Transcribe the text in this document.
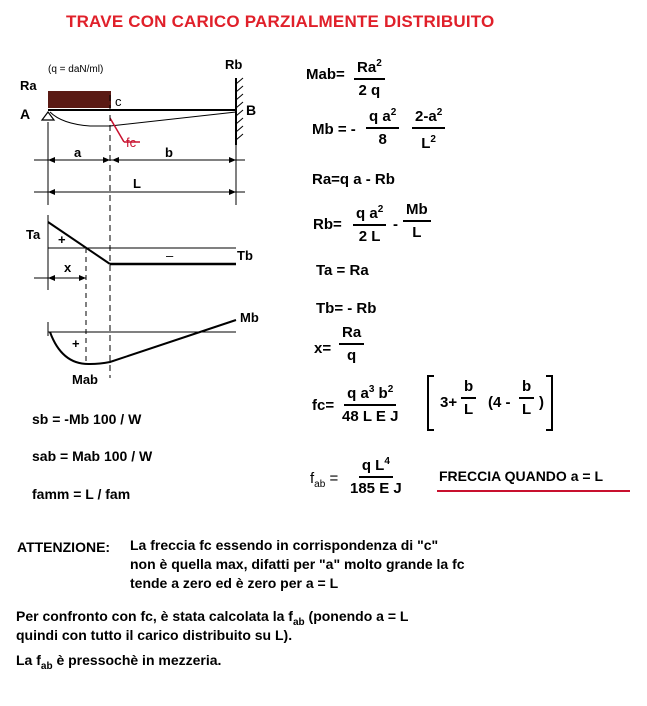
TRAVE CON CARICO PARZIALMENTE DISTRIBUITO
(q = daN/ml)
Ra
Rb
A	B
c
fc
a	b
L
Ta +
–	Tb
x
Mb
+
Mab
$Mab= \frac{Ra^2}{2 q}$
Mb = - $\frac{q a^2}{8} \frac{2-a^2}{L^2}$
Ra=q a - Rb
$Rb= \frac{q a^2}{2 L} - \frac{Mb}{L}$
Ta = Ra
Tb= - Rb
$x= \frac{Ra}{q}$
$fc= \frac{q a^3 b^2}{\text{48 L E J}}$	$3+ \frac{b}{L} (4 - \frac{b}{L}$ )
$f_{ab} = \frac{q L^4}{\text{185 E J}}$	FRECCIA QUANDO a = L
sb = -Mb 100 / W
sab = Mab 100 / W
famm = L / fam
ATTENZIONE: La freccia fc essendo in corrispondenza di "c"
non è quella max, difatti per "a" molto grande la fc
tende a zero ed è zero per a = L
Per confronto con fc, è stata calcolata la $f_{ab}$ (ponendo a = L
quindi con tutto il carico distribuito su L).
La $f_{ab}$ è pressochè in mezzeria.
